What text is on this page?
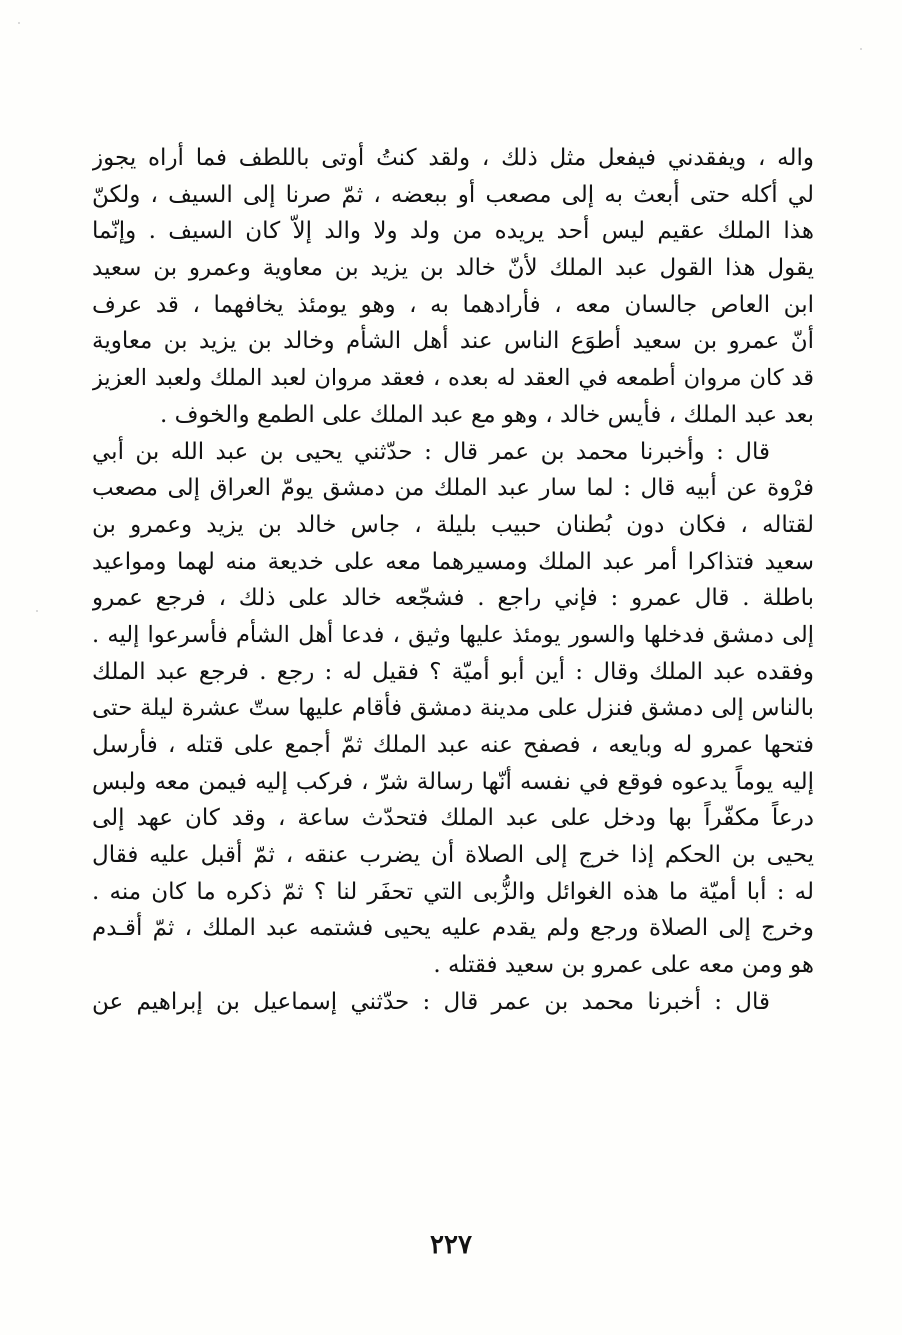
واله ، ويفقدني فيفعل مثل ذلك ، ولقد كنتُ أوتى باللطف فما أراه يجوز
لي أكله حتى أبعث به إلى مصعب أو ببعضه ، ثمّ صرنا إلى السيف ، ولكنّ
هذا الملك عقيم ليس أحد يريده من ولد ولا والد إلاّ كان السيف . وإنّما
يقول هذا القول عبد الملك لأنّ خالد بن يزيد بن معاوية وعمرو بن سعيد
ابن العاص جالسان معه ، فأرادهما به ، وهو يومئذ يخافهما ، قد عرف
أنّ عمرو بن سعيد أطوَع الناس عند أهل الشأم وخالد بن يزيد بن معاوية
قد كان مروان أطمعه في العقد له بعده ، فعقد مروان لعبد الملك ولعبد العزيز
بعد عبد الملك ، فأيس خالد ، وهو مع عبد الملك على الطمع والخوف .
قال : وأخبرنا محمد بن عمر قال : حدّثني يحيى بن عبد الله بن أبي
فرْوة عن أبيه قال : لما سار عبد الملك من دمشق يومّ العراق إلى مصعب
لقتاله ، فكان دون بُطنان حبيب بليلة ، جاس خالد بن يزيد وعمرو بن
سعيد فتذاكرا أمر عبد الملك ومسيرهما معه على خديعة منه لهما ومواعيد
باطلة . قال عمرو : فإني راجع . فشجّعه خالد على ذلك ، فرجع عمرو
إلى دمشق فدخلها والسور يومئذ عليها وثيق ، فدعا أهل الشأم فأسرعوا إليه .
وفقده عبد الملك وقال : أين أبو أميّة ؟ فقيل له : رجع . فرجع عبد الملك
بالناس إلى دمشق فنزل على مدينة دمشق فأقام عليها ستّ عشرة ليلة حتى
فتحها عمرو له وبايعه ، فصفح عنه عبد الملك ثمّ أجمع على قتله ، فأرسل
إليه يوماً يدعوه فوقع في نفسه أنّها رسالة شرّ ، فركب إليه فيمن معه ولبس
درعاً مكفّراً بها ودخل على عبد الملك فتحدّث ساعة ، وقد كان عهد إلى
يحيى بن الحكم إذا خرج إلى الصلاة أن يضرب عنقه ، ثمّ أقبل عليه فقال
له : أبا أميّة ما هذه الغوائل والزُّبى التي تحفَر لنا ؟ ثمّ ذكره ما كان منه .
وخرج إلى الصلاة ورجع ولم يقدم عليه يحيى فشتمه عبد الملك ، ثمّ أقـدم
هو ومن معه على عمرو بن سعيد فقتله .
قال : أخبرنا محمد بن عمر قال : حدّثني إسماعيل بن إبراهيم عن
٢٢٧
